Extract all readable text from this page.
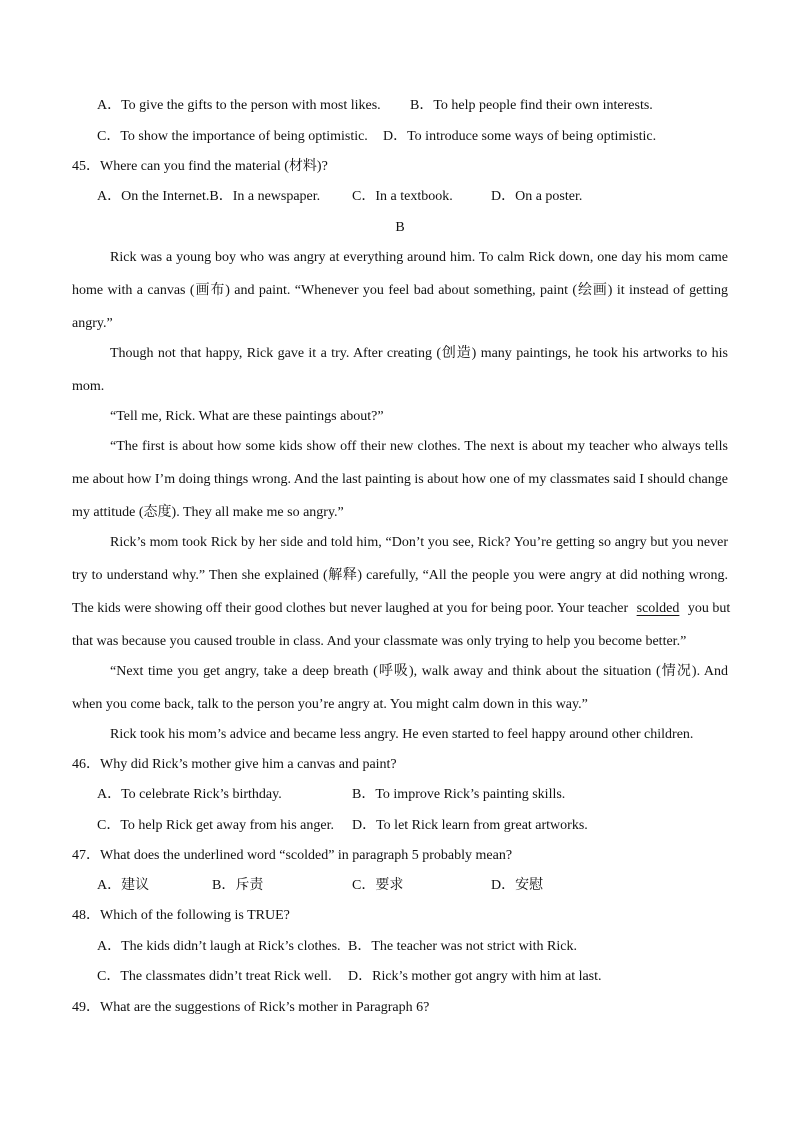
A．To give the gifts to the person with most likes. B．To help people find their own interests.
C．To show the importance of being optimistic. D．To introduce some ways of being optimistic.
45．Where can you find the material (材料)?
A．On the Internet.B．In a newspaper. C．In a textbook.	D．On a poster.
B
Rick was a young boy who was angry at everything around him. To calm Rick down, one day his mom came
home with a canvas (画布) and paint. “Whenever you feel bad about something, paint (绘画) it instead of getting
angry.”
Though not that happy, Rick gave it a try. After creating (创造) many paintings, he took his artworks to his
mom.
“Tell me, Rick. What are these paintings about?”
“The first is about how some kids show off their new clothes. The next is about my teacher who always tells
me about how I’m doing things wrong. And the last painting is about how one of my classmates said I should change
my attitude (态度). They all make me so angry.”
Rick’s mom took Rick by her side and told him, “Don’t you see, Rick? You’re getting so angry but you never
try to understand why.” Then she explained (解释) carefully, “All the people you were angry at did nothing wrong.
The kids were showing off their good clothes but never laughed at you for being poor. Your teacher scolded you but
that was because you caused trouble in class. And your classmate was only trying to help you become better.”
“Next time you get angry, take a deep breath (呼吸), walk away and think about the situation (情况). And
when you come back, talk to the person you’re angry at. You might calm down in this way.”
Rick took his mom’s advice and became less angry. He even started to feel happy around other children.
46．Why did Rick’s mother give him a canvas and paint?
A．To celebrate Rick’s birthday.	B．To improve Rick’s painting skills.
C．To help Rick get away from his anger. D．To let Rick learn from great artworks.
47．What does the underlined word “scolded” in paragraph 5 probably mean?
A．建议	B．斥责	C．要求	D．安慰
48．Which of the following is TRUE?
A．The kids didn’t laugh at Rick’s clothes. B．The teacher was not strict with Rick.
C．The classmates didn’t treat Rick well. D．Rick’s mother got angry with him at last.
49．What are the suggestions of Rick’s mother in Paragraph 6?
